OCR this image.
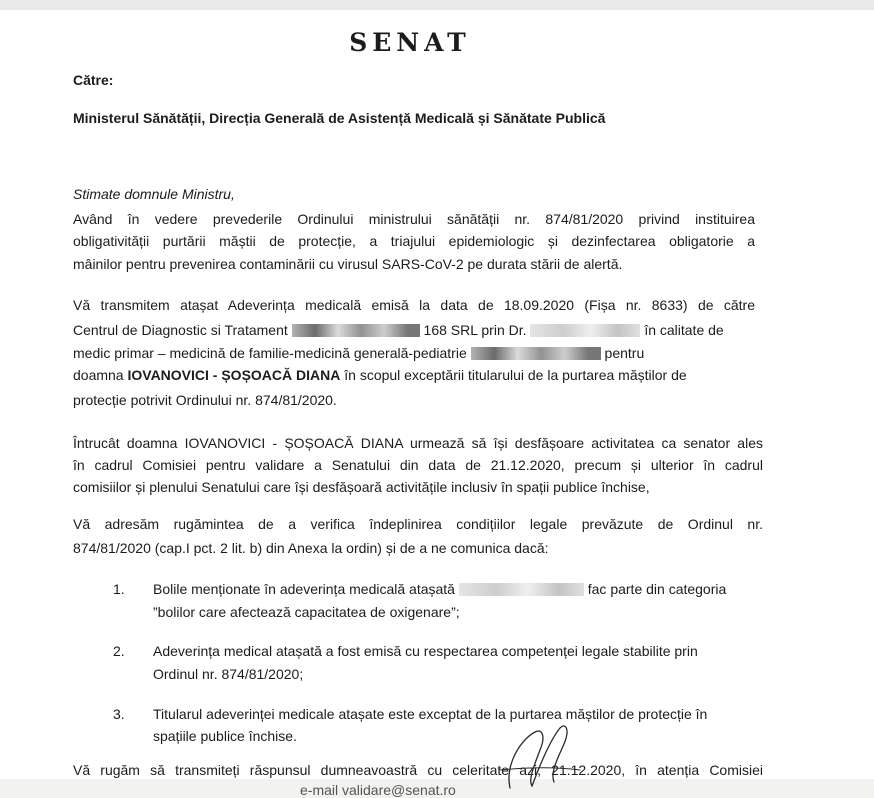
SENAT
Către:
Ministerul Sănătății, Direcția Generală de Asistență Medicală și Sănătate Publică
Stimate domnule Ministru,
Având în vedere prevederile Ordinului ministrului sănătății nr. 874/81/2020 privind instituirea
obligativității purtării măștii de protecție, a triajului epidemiologic și dezinfectarea obligatorie a
mâinilor pentru prevenirea contaminării cu virusul SARS-CoV-2 pe durata stării de alertă.
Vă transmitem atașat Adeverința medicală emisă la data de 18.09.2020 (Fișa nr. 8633) de către
Centrul de Diagnostic si Tratament	168 SRL prin Dr.	în calitate de
medic primar – medicină de familie-medicină generală-pediatrie	pentru
doamna IOVANOVICI - ȘOȘOACĂ DIANA în scopul exceptării titularului de la purtarea măștilor de
protecție potrivit Ordinului nr. 874/81/2020.
Întrucât doamna IOVANOVICI - ȘOȘOACĂ DIANA urmează să își desfășoare activitatea ca senator ales
în cadrul Comisiei pentru validare a Senatului din data de 21.12.2020, precum și ulterior în cadrul
comisiilor și plenului Senatului care își desfășoară activitățile inclusiv în spații publice închise,
Vă adresăm rugămintea de a verifica îndeplinirea condițiilor legale prevăzute de Ordinul nr.
874/81/2020 (cap.I pct. 2 lit. b) din Anexa la ordin) și de a ne comunica dacă:
1. Bolile menționate în adeverința medicală atașată	fac parte din categoria
”bolilor care afectează capacitatea de oxigenare”;
2. Adeverința medical atașată a fost emisă cu respectarea competenței legale stabilite prin
Ordinul nr. 874/81/2020;
3. Titularul adeverinței medicale atașate este exceptat de la purtarea măștilor de protecție în
spațiile publice închise.
Vă rugăm să transmiteți răspunsul dumneavoastră cu celeritate azi, 21.12.2020, în atenția Comisiei
e-mail validare@senat.ro
